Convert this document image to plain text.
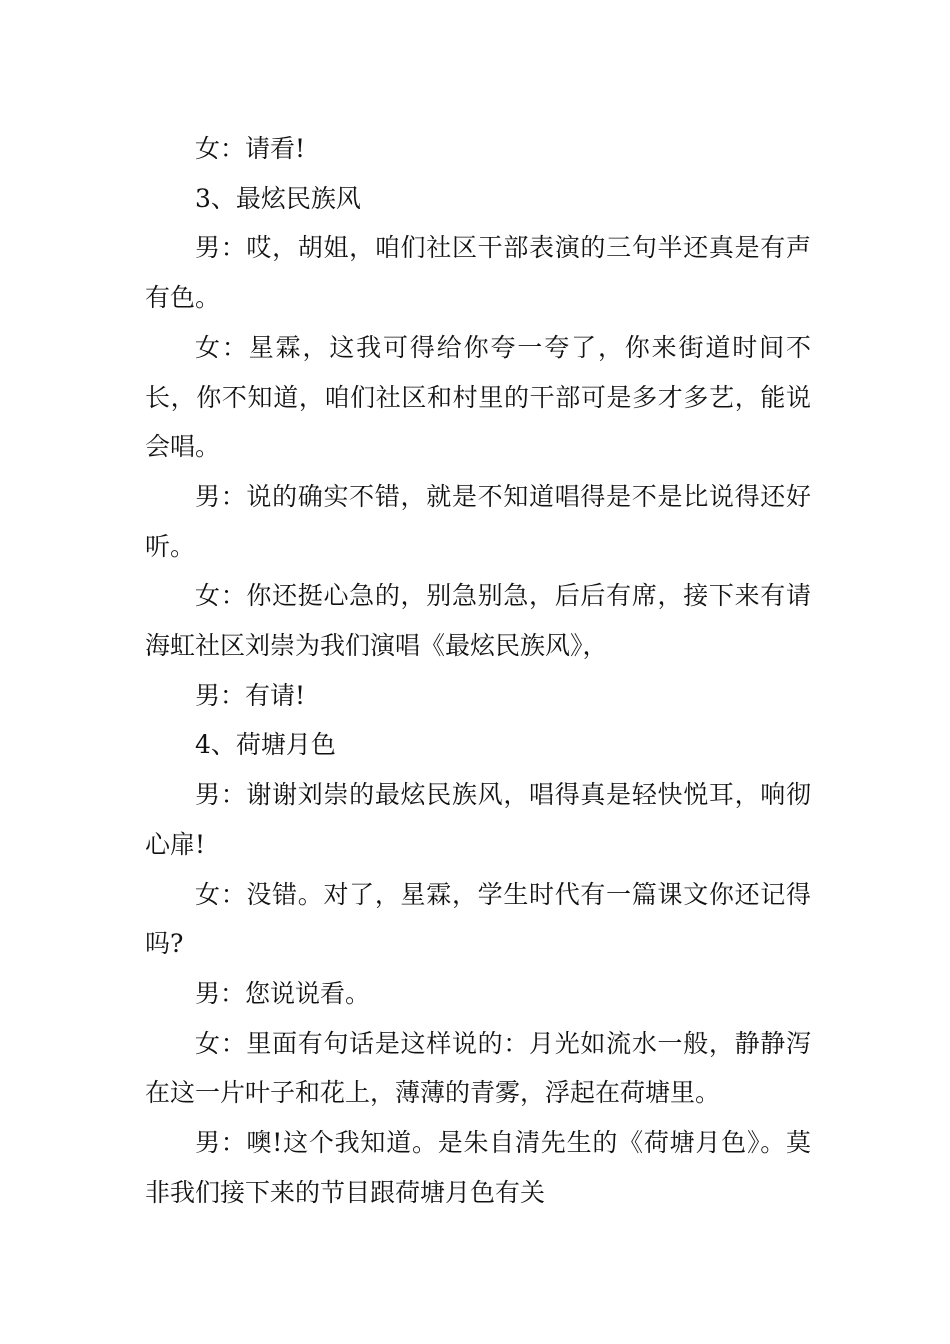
女：请看!

3、最炫民族风

男：哎，胡姐，咱们社区干部表演的三句半还真是有声有色。

女：星霖，这我可得给你夸一夸了，你来街道时间不长，你不知道，咱们社区和村里的干部可是多才多艺，能说会唱。

男：说的确实不错，就是不知道唱得是不是比说得还好听。

女：你还挺心急的，别急别急，后后有席，接下来有请海虹社区刘崇为我们演唱《最炫民族风》，

男：有请!

4、荷塘月色

男：谢谢刘崇的最炫民族风，唱得真是轻快悦耳，响彻心扉!

女：没错。对了，星霖，学生时代有一篇课文你还记得吗?

男：您说说看。

女：里面有句话是这样说的：月光如流水一般，静静泻在这一片叶子和花上，薄薄的青雾，浮起在荷塘里。

男：噢!这个我知道。是朱自清先生的《荷塘月色》。莫非我们接下来的节目跟荷塘月色有关
